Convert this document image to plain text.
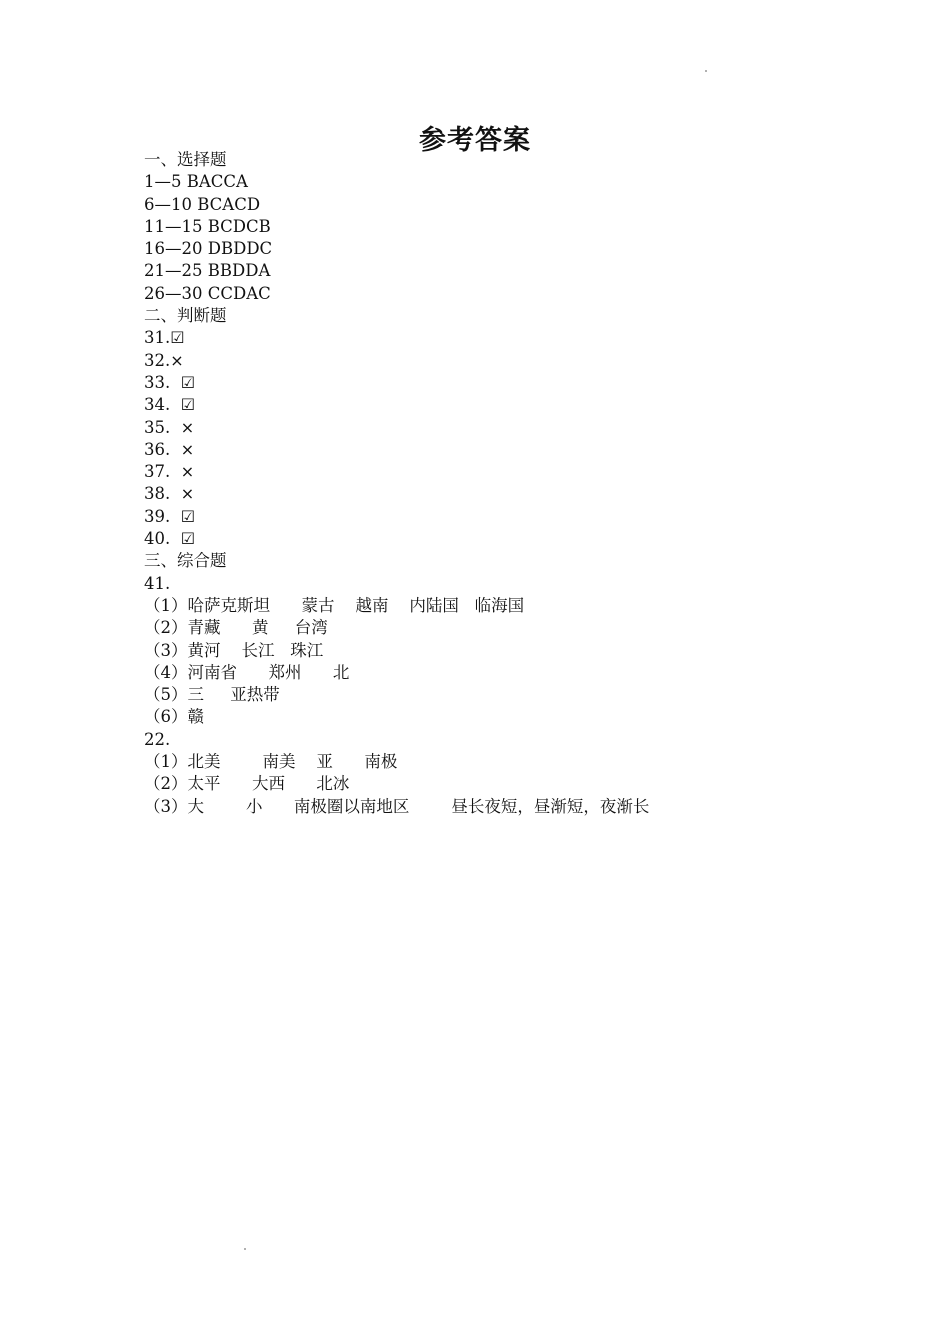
参考答案
一、选择题
1—5 BACCA
6—10 BCACD
11—15 BCDCB
16—20 DBDDC
21—25 BBDDA
26—30 CCDAC
二、判断题
31.☑
32.×
33. ☑
34. ☑
35. ×
36. ×
37. ×
38. ×
39. ☑
40. ☑
三、综合题
41.
（1）哈萨克斯坦      蒙古    越南    内陆国   临海国
（2）青藏      黄     台湾
（3）黄河    长江   珠江
（4）河南省      郑州      北
（5）三     亚热带
（6）赣
22.
（1）北美        南美    亚      南极
（2）太平      大西      北冰
（3）大        小      南极圈以南地区        昼长夜短，昼渐短，夜渐长
